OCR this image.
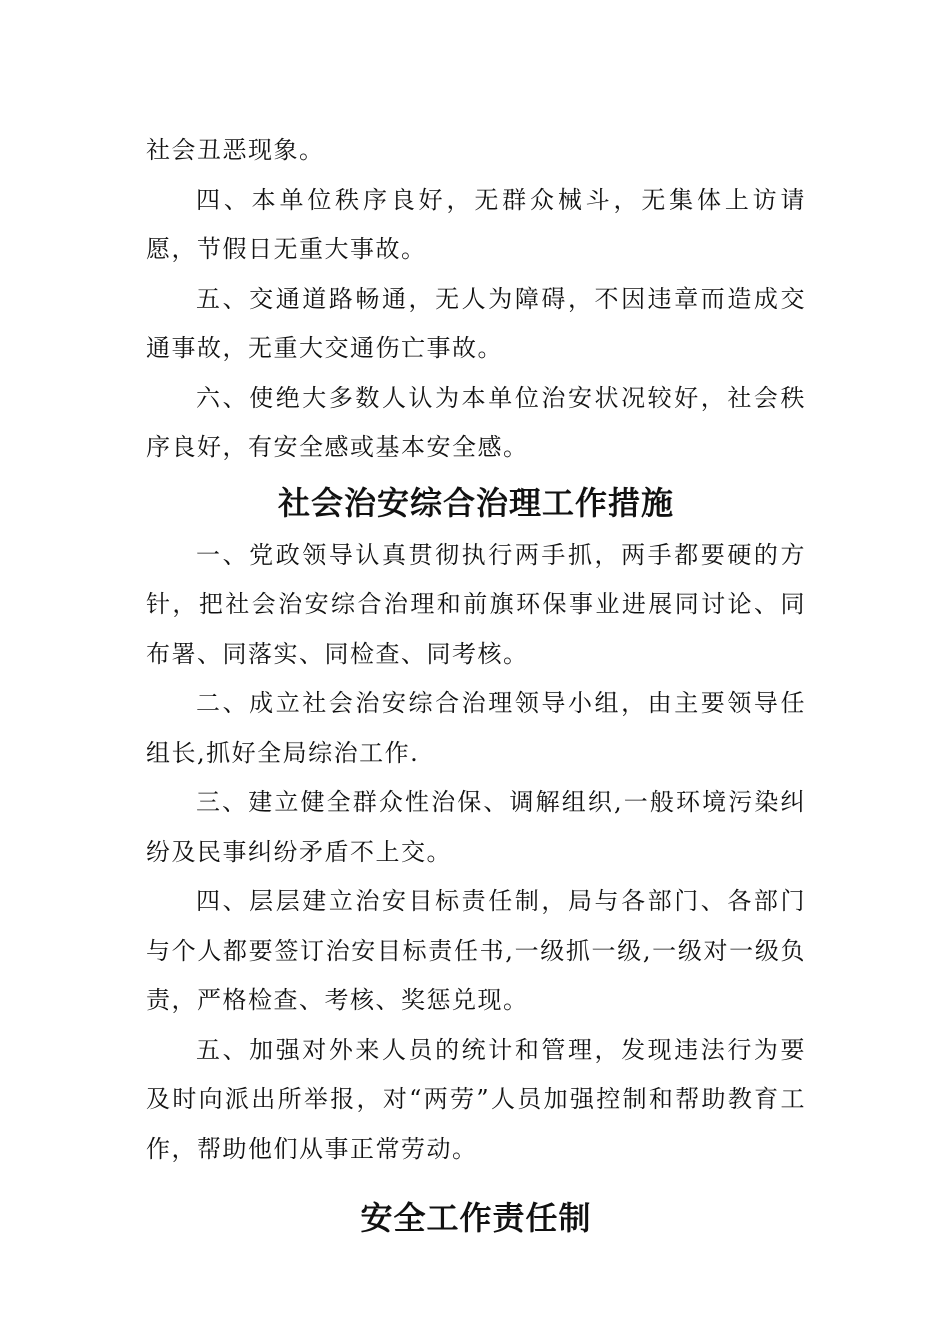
社会丑恶现象。

四、本单位秩序良好，无群众械斗，无集体上访请愿，节假日无重大事故。

五、交通道路畅通，无人为障碍，不因违章而造成交通事故，无重大交通伤亡事故。

六、使绝大多数人认为本单位治安状况较好，社会秩序良好，有安全感或基本安全感。

社会治安综合治理工作措施

一、党政领导认真贯彻执行两手抓，两手都要硬的方针，把社会治安综合治理和前旗环保事业进展同讨论、同布署、同落实、同检查、同考核。

二、成立社会治安综合治理领导小组，由主要领导任组长,抓好全局综治工作.

三、建立健全群众性治保、调解组织,一般环境污染纠纷及民事纠纷矛盾不上交。

四、层层建立治安目标责任制，局与各部门、各部门与个人都要签订治安目标责任书,一级抓一级,一级对一级负责，严格检查、考核、奖惩兑现。

五、加强对外来人员的统计和管理，发现违法行为要及时向派出所举报，对“两劳”人员加强控制和帮助教育工作，帮助他们从事正常劳动。

安全工作责任制
